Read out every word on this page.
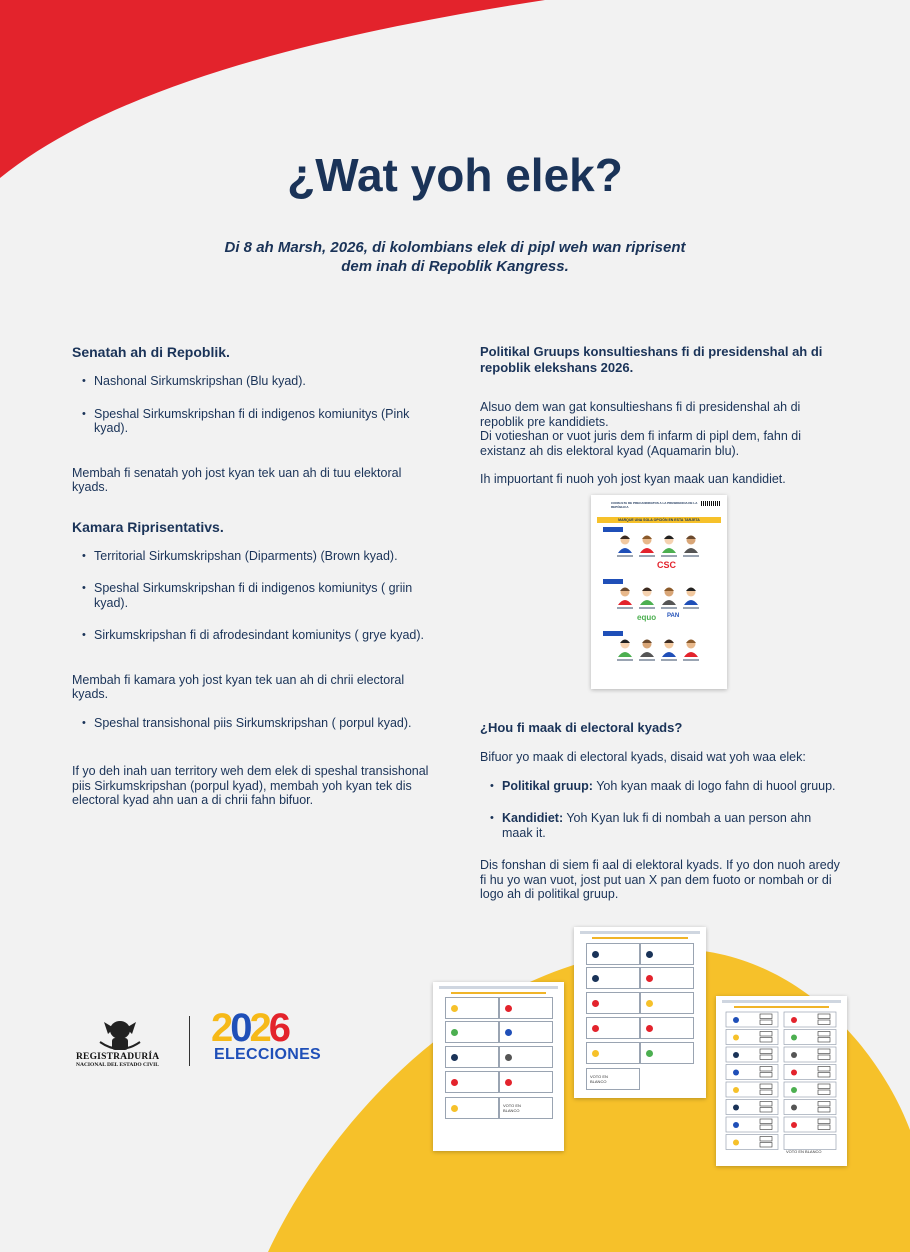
¿Wat yoh elek?

Di 8 ah Marsh, 2026, di kolombians elek di pipl weh wan riprisent
dem inah di Repoblik Kangress.

Senatah ah di Repoblik.
• Nashonal Sirkumskripshan (Blu kyad).
• Speshal Sirkumskripshan fi di indigenos komiunitys (Pink kyad).

Membah fi senatah yoh jost kyan tek uan ah di tuu elektoral kyads.

Kamara Riprisentativs.
• Territorial Sirkumskripshan (Diparments) (Brown kyad).
• Speshal Sirkumskripshan fi di indigenos komiunitys ( griin kyad).
• Sirkumskripshan fi di afrodesindant komiunitys ( grye kyad).

Membah fi kamara yoh jost kyan tek uan ah di chrii electoral kyads.

• Speshal transishonal piis Sirkumskripshan ( porpul kyad).

If yo deh inah uan territory weh dem elek di speshal transishonal piis Sirkumskripshan (porpul kyad), membah yoh kyan tek dis electoral kyad ahn uan a di chrii fahn bifuor.

Politikal Gruups konsultieshans fi di presidenshal ah di repoblik elekshans 2026.

Alsuo dem wan gat konsultieshans fi di presidenshal ah di repoblik pre kandidiets.

Di votieshan or vuot juris dem fi infarm di pipl dem, fahn di existanz ah dis elektoral kyad (Aquamarin blu).

Ih impuortant fi nuoh yoh jost kyan maak uan kandidiet.

CONSULTA DE PRECANDIDATOS A LA PRESIDENCIA DE LA REPÚBLICA
MARQUE UNA SOLA OPCIÓN EN ESTA TARJETA
CSC
equo PAN
¿Hou fi maak di electoral kyads?

Bifuor yo maak di electoral kyads, disaid wat yoh waa elek:

• Politikal gruup: Yoh kyan maak di logo fahn di huool gruup.
• Kandidiet: Yoh Kyan luk fi di nombah a uan person ahn maak it.

Dis fonshan di siem fi aal di elektoral kyads. If yo don nuoh aredy fi hu yo wan vuot, jost put uan X pan dem fuoto or nombah or di logo ah di politikal gruup.

VOTO EN BLANCO
VOTO EN BLANCO
VOTO EN BLANCO
REGISTRADURÍA
NACIONAL DEL ESTADO CIVIL
2026
ELECCIONES
